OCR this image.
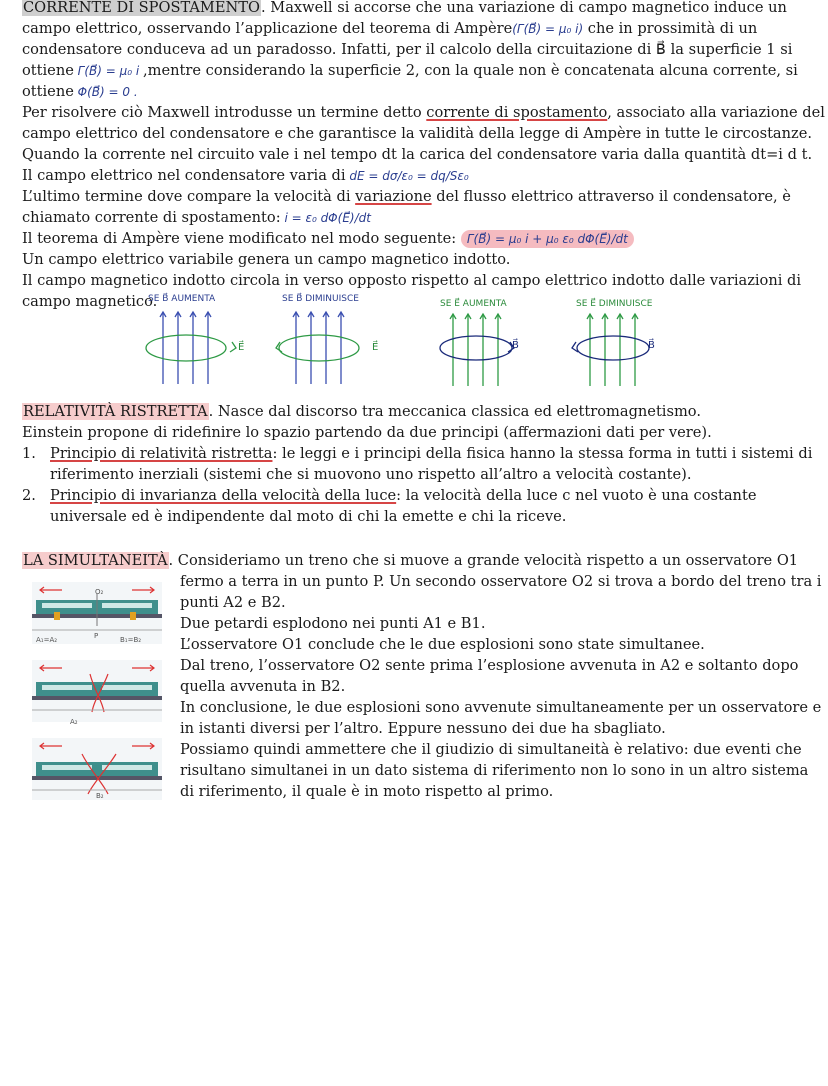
CORRENTE DI SPOSTAMENTO. Maxwell si accorse che una variazione di campo magnetico induce un
campo elettrico, osservando l’applicazione del teorema di Ampère(Γ(B⃗) = μ₀ i) che in prossimità di un
condensatore conduceva ad un paradosso. Infatti, per il calcolo della circuitazione di B⃗ la superficie 1 si
ottiene Γ(B⃗) = μ₀ i ,mentre considerando la superficie 2, con la quale non è concatenata alcuna corrente, si
ottiene Φ(B⃗) = 0 .
Per risolvere ciò Maxwell introdusse un termine detto corrente di spostamento, associato alla variazione del
campo elettrico del condensatore e che garantisce la validità della legge di Ampère in tutte le circostanze.
Quando la corrente nel circuito vale i nel tempo dt la carica del condensatore varia dalla quantità dt=i d t.
Il campo elettrico nel condensatore varia di dE = dσ/ε₀ = dq/Sε₀
L’ultimo termine dove compare la velocità di variazione del flusso elettrico attraverso il condensatore, è
chiamato corrente di spostamento: i = ε₀ dΦ(E⃗)/dt
Il teorema di Ampère viene modificato nel modo seguente: Γ(B⃗) = μ₀ i + μ₀ ε₀ dΦ(E⃗)/dt
Un campo elettrico variabile genera un campo magnetico indotto.
Il campo magnetico indotto circola in verso opposto rispetto al campo elettrico indotto dalle variazioni di
campo magnetico.
SE B⃗ AUMENTA	SE B⃗ DIMINUISCE	SE E⃗ AUMENTA	SE E⃗ DIMINUISCE
E⃗	E⃗	B⃗	B⃗
RELATIVITÀ RISTRETTA. Nasce dal discorso tra meccanica classica ed elettromagnetismo.
Einstein propone di ridefinire lo spazio partendo da due principi (affermazioni dati per vere).
1. Principio di relatività ristretta: le leggi e i principi della fisica hanno la stessa forma in tutti i sistemi di
riferimento inerziali (sistemi che si muovono uno rispetto all’altro a velocità costante).
2. Principio di invarianza della velocità della luce: la velocità della luce c nel vuoto è una costante
universale ed è indipendente dal moto di chi la emette e chi la riceve.
LA SIMULTANEITÀ. Consideriamo un treno che si muove a grande velocità rispetto a un osservatore O1
fermo a terra in un punto P. Un secondo osservatore O2 si trova a bordo del treno tra i
punti A2 e B2.
Due petardi esplodono nei punti A1 e B1.
L’osservatore O1 conclude che le due esplosioni sono state simultanee.
Dal treno, l’osservatore O2 sente prima l’esplosione avvenuta in A2 e soltanto dopo
quella avvenuta in B2.
In conclusione, le due esplosioni sono avvenute simultaneamente per un osservatore e
in istanti diversi per l’altro. Eppure nessuno dei due ha sbagliato.
Possiamo quindi ammettere che il giudizio di simultaneità è relativo: due eventi che
risultano simultanei in un dato sistema di riferimento non lo sono in un altro sistema
di riferimento, il quale è in moto rispetto al primo.
O₂
A₁=A₂	B₁=B₂
P
A₂
B₂
